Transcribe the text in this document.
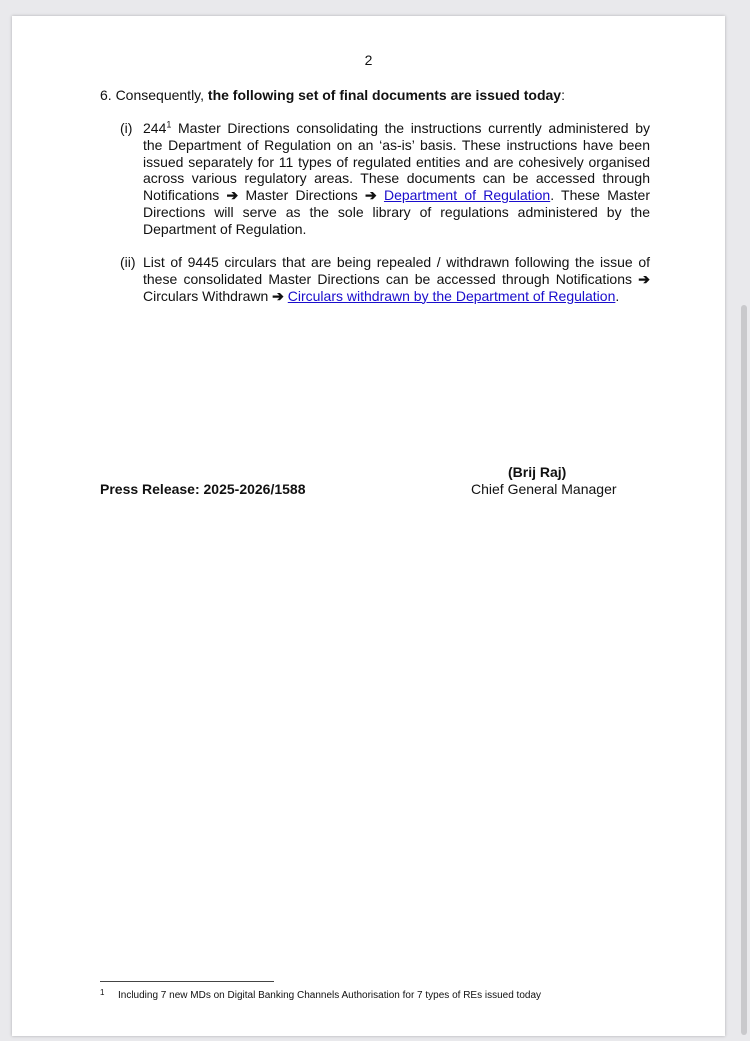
2
6. Consequently, the following set of final documents are issued today:
(i) $244^1$ Master Directions consolidating the instructions currently administered by the Department of Regulation on an ‘as-is’ basis. These instructions have been issued separately for 11 types of regulated entities and are cohesively organised across various regulatory areas. These documents can be accessed through Notifications ➔ Master Directions ➔ Department of Regulation. These Master Directions will serve as the sole library of regulations administered by the Department of Regulation.
(ii) List of 9445 circulars that are being repealed / withdrawn following the issue of these consolidated Master Directions can be accessed through Notifications ➔ Circulars Withdrawn ➔ Circulars withdrawn by the Department of Regulation.
(Brij Raj)
Press Release: 2025-2026/1588	Chief General Manager
1 Including 7 new MDs on Digital Banking Channels Authorisation for 7 types of REs issued today
